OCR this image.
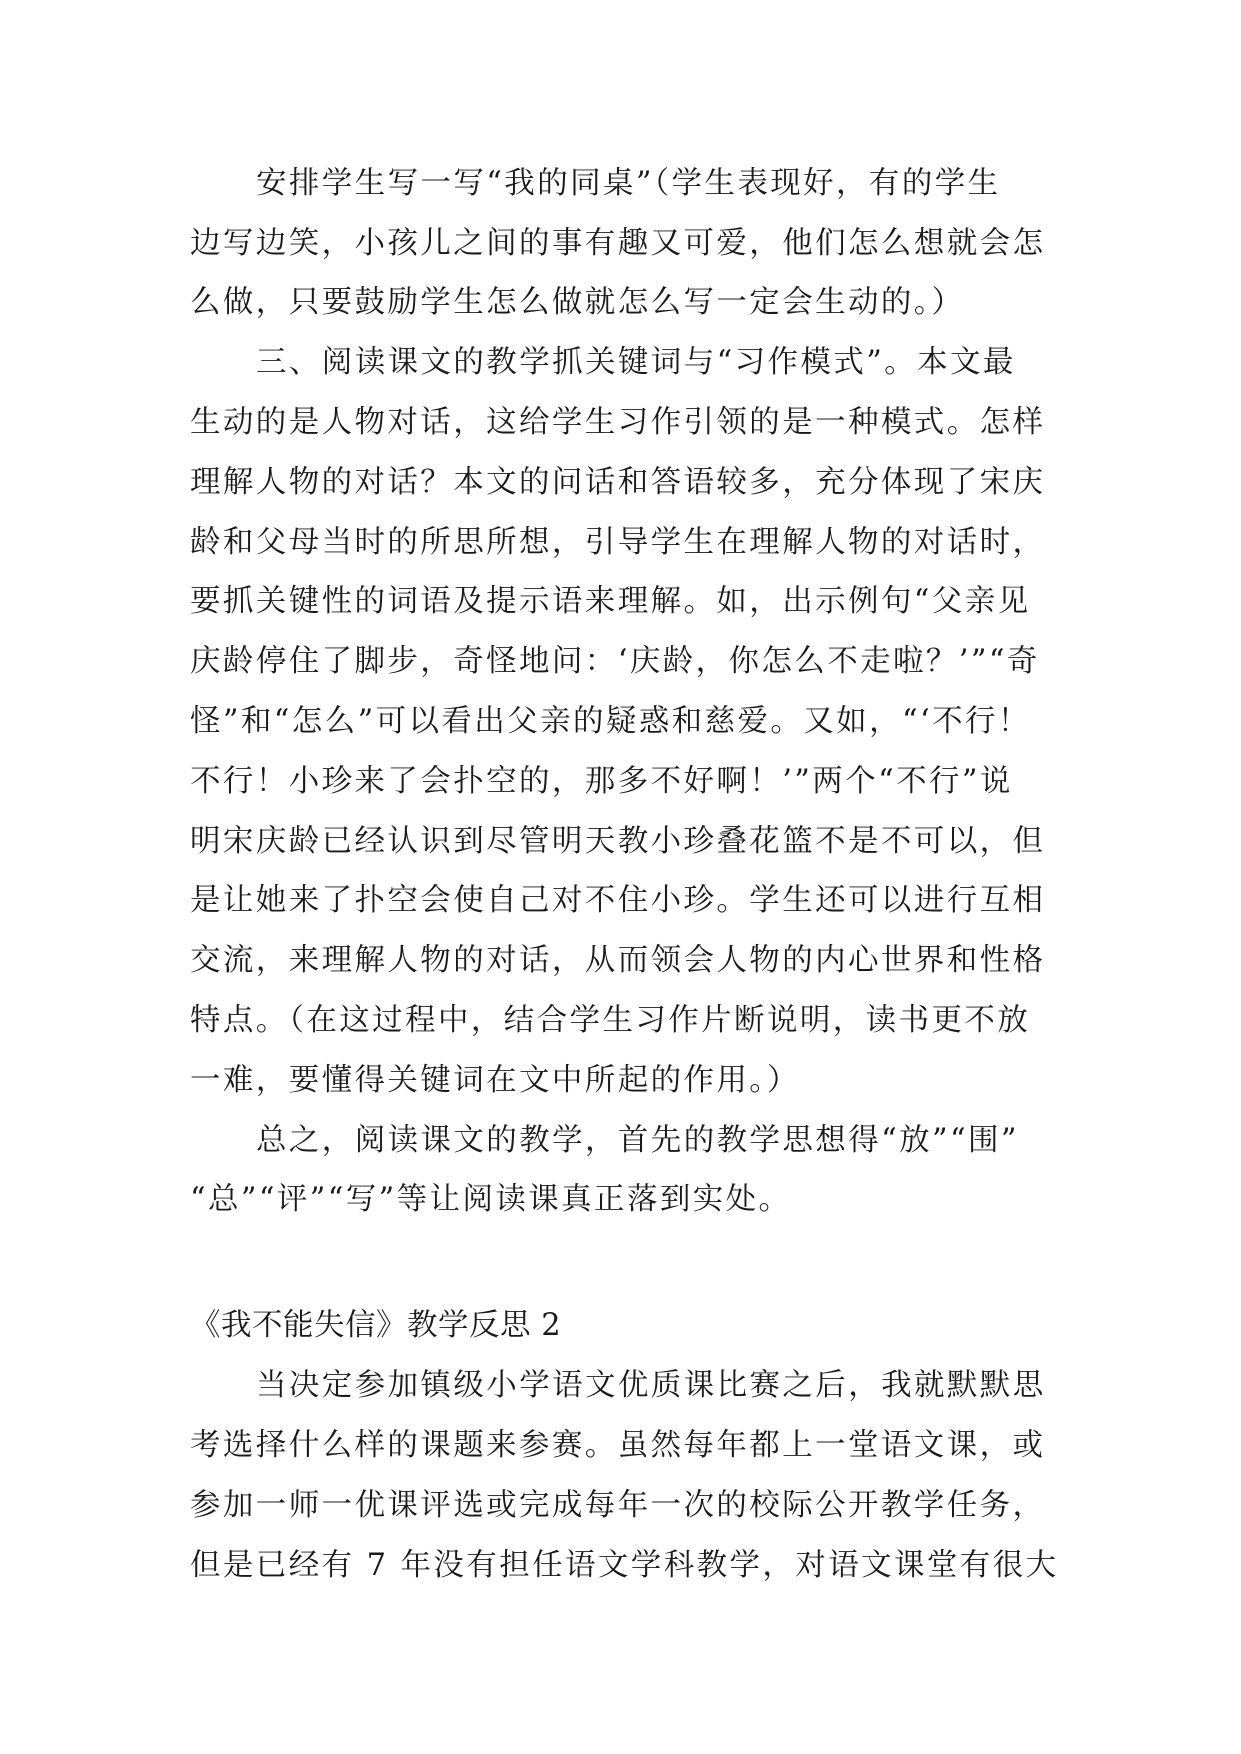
安排学生写一写“我的同桌”（学生表现好，有的学生
边写边笑，小孩儿之间的事有趣又可爱，他们怎么想就会怎
么做，只要鼓励学生怎么做就怎么写一定会生动的。）
三、阅读课文的教学抓关键词与“习作模式”。本文最
生动的是人物对话，这给学生习作引领的是一种模式。怎样
理解人物的对话？本文的问话和答语较多，充分体现了宋庆
龄和父母当时的所思所想，引导学生在理解人物的对话时，
要抓关键性的词语及提示语来理解。如，出示例句“父亲见
庆龄停住了脚步，奇怪地问：‘庆龄，你怎么不走啦？’”“奇
怪”和“怎么”可以看出父亲的疑惑和慈爱。又如，“‘不行！
不行！小珍来了会扑空的，那多不好啊！’”两个“不行”说
明宋庆龄已经认识到尽管明天教小珍叠花篮不是不可以，但
是让她来了扑空会使自己对不住小珍。学生还可以进行互相
交流，来理解人物的对话，从而领会人物的内心世界和性格
特点。（在这过程中，结合学生习作片断说明，读书更不放
一难，要懂得关键词在文中所起的作用。）
总之，阅读课文的教学，首先的教学思想得“放”“围”
“总”“评”“写”等让阅读课真正落到实处。
《我不能失信》教学反思 2
当决定参加镇级小学语文优质课比赛之后，我就默默思
考选择什么样的课题来参赛。虽然每年都上一堂语文课，或
参加一师一优课评选或完成每年一次的校际公开教学任务，
但是已经有 7 年没有担任语文学科教学，对语文课堂有很大
